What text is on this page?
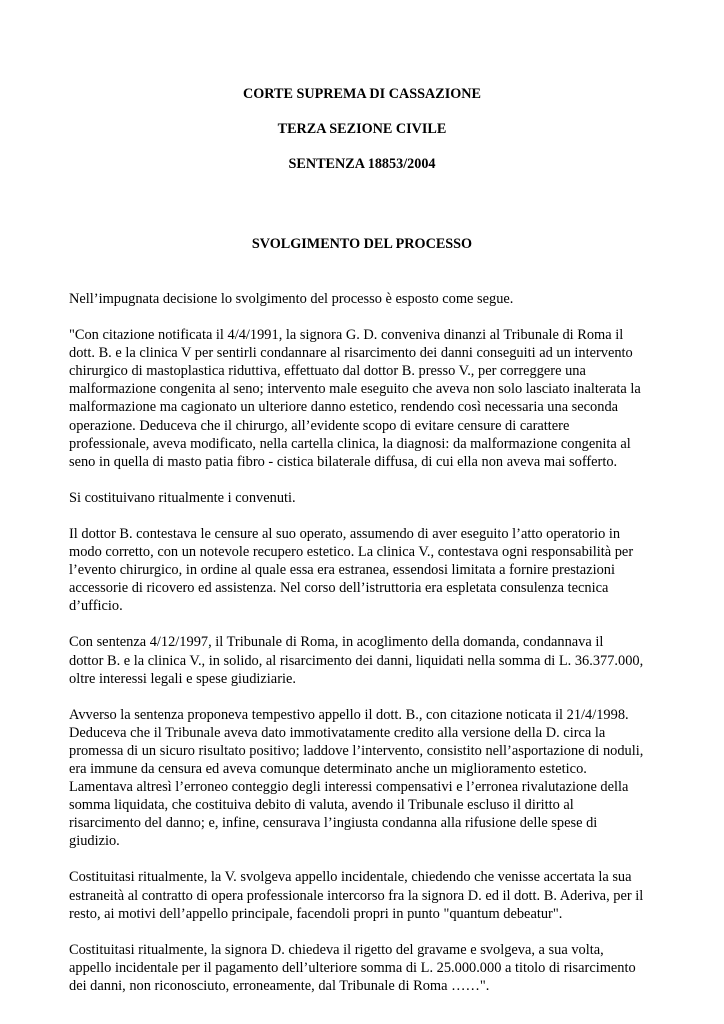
CORTE SUPREMA DI CASSAZIONE
TERZA SEZIONE CIVILE
SENTENZA 18853/2004
SVOLGIMENTO DEL PROCESSO

Nell’impugnata decisione lo svolgimento del processo è esposto come segue.

"Con citazione notificata il 4/4/1991, la signora G. D. conveniva dinanzi al Tribunale di Roma il
dott. B. e la clinica V per sentirli condannare al risarcimento dei danni conseguiti ad un intervento
chirurgico di mastoplastica riduttiva, effettuato dal dottor B. presso V., per correggere una
malformazione congenita al seno; intervento male eseguito che aveva non solo lasciato inalterata la
malformazione ma cagionato un ulteriore danno estetico, rendendo così necessaria una seconda
operazione. Deduceva che il chirurgo, all’evidente scopo di evitare censure di carattere
professionale, aveva modificato, nella cartella clinica, la diagnosi: da malformazione congenita al
seno in quella di masto patia fibro - cistica bilaterale diffusa, di cui ella non aveva mai sofferto.

Si costituivano ritualmente i convenuti.

Il dottor B. contestava le censure al suo operato, assumendo di aver eseguito l’atto operatorio in
modo corretto, con un notevole recupero estetico. La clinica V., contestava ogni responsabilità per
l’evento chirurgico, in ordine al quale essa era estranea, essendosi limitata a fornire prestazioni
accessorie di ricovero ed assistenza. Nel corso dell’istruttoria era espletata consulenza tecnica
d’ufficio.

Con sentenza 4/12/1997, il Tribunale di Roma, in acoglimento della domanda, condannava il
dottor B. e la clinica V., in solido, al risarcimento dei danni, liquidati nella somma di L. 36.377.000,
oltre interessi legali e spese giudiziarie.

Avverso la sentenza proponeva tempestivo appello il dott. B., con citazione noticata il 21/4/1998.
Deduceva che il Tribunale aveva dato immotivatamente credito alla versione della D. circa la
promessa di un sicuro risultato positivo; laddove l’intervento, consistito nell’asportazione di noduli,
era immune da censura ed aveva comunque determinato anche un miglioramento estetico.
Lamentava altresì l’erroneo conteggio degli interessi compensativi e l’erronea rivalutazione della
somma liquidata, che costituiva debito di valuta, avendo il Tribunale escluso il diritto al
risarcimento del danno; e, infine, censurava l’ingiusta condanna alla rifusione delle spese di
giudizio.

Costituitasi ritualmente, la V. svolgeva appello incidentale, chiedendo che venisse accertata la sua
estraneità al contratto di opera professionale intercorso fra la signora D. ed il dott. B. Aderiva, per il
resto, ai motivi dell’appello principale, facendoli propri in punto "quantum debeatur".

Costituitasi ritualmente, la signora D. chiedeva il rigetto del gravame e svolgeva, a sua volta,
appello incidentale per il pagamento dell’ulteriore somma di L. 25.000.000 a titolo di risarcimento
dei danni, non riconosciuto, erroneamente, dal Tribunale di Roma ……".
